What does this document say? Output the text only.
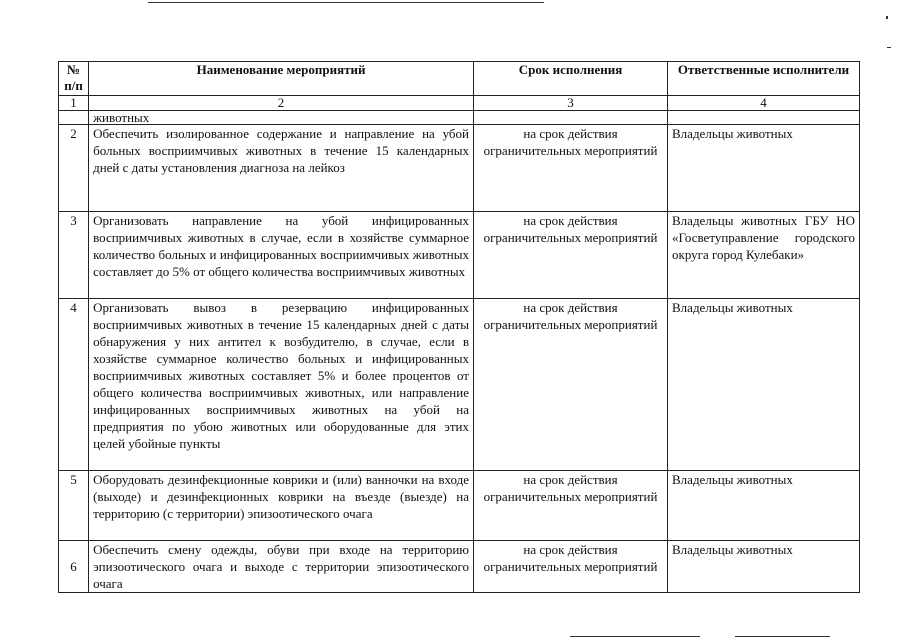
№ п/п	Наименование мероприятий	Срок исполнения	Ответственные исполнители
1	2	3	4
	животных		
2	Обеспечить изолированное содержание и направление на убой больных восприимчивых животных в течение 15 календарных дней с даты установления диагноза на лейкоз	на срок действия ограничительных мероприятий	Владельцы животных
3	Организовать направление на убой инфицированных восприимчивых животных в случае, если в хозяйстве суммарное количество больных и инфицированных восприимчивых животных составляет до 5% от общего количества восприимчивых животных	на срок действия ограничительных мероприятий	Владельцы животных ГБУ НО «Госветуправление городского округа город Кулебаки»
4	Организовать вывоз в резервацию инфицированных восприимчивых животных в течение 15 календарных дней с даты обнаружения у них антител к возбудителю, в случае, если в хозяйстве суммарное количество больных и инфицированных восприимчивых животных составляет 5% и более процентов от общего количества восприимчивых животных, или направление инфицированных восприимчивых животных на убой на предприятия по убою животных или оборудованные для этих целей убойные пункты	на срок действия ограничительных мероприятий	Владельцы животных
5	Оборудовать дезинфекционные коврики и (или) ванночки на входе (выходе) и дезинфекционных коврики на въезде (выезде) на территорию (с территории) эпизоотического очага	на срок действия ограничительных мероприятий	Владельцы животных
6	Обеспечить смену одежды, обуви при входе на территорию эпизоотического очага и выходе с территории эпизоотического очага	на срок действия ограничительных мероприятий	Владельцы животных
